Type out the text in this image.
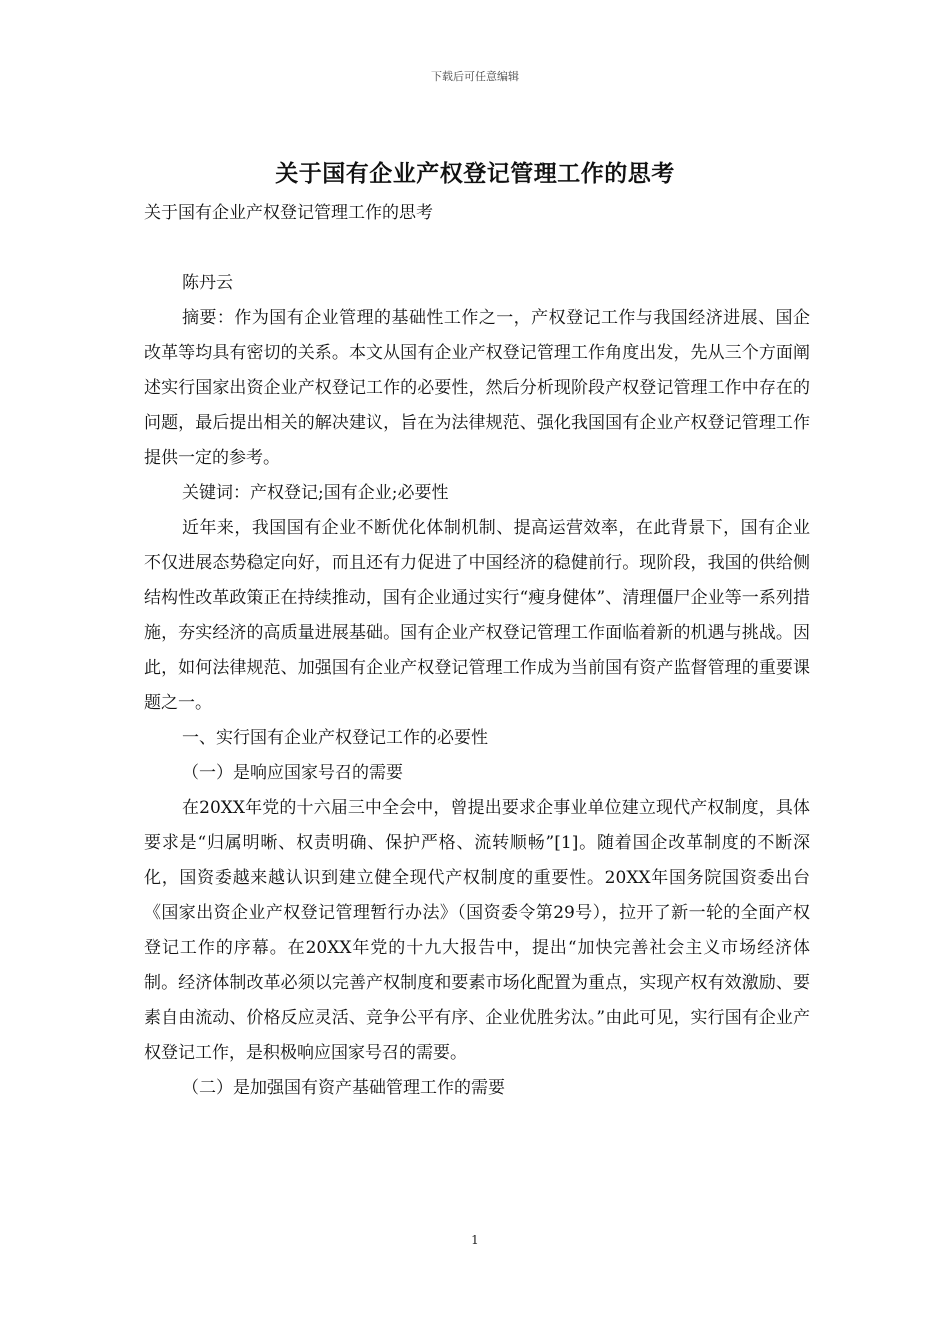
下载后可任意编辑
关于国有企业产权登记管理工作的思考

关于国有企业产权登记管理工作的思考

陈丹云

摘要：作为国有企业管理的基础性工作之一，产权登记工作与我国经济进展、国企改革等均具有密切的关系。本文从国有企业产权登记管理工作角度出发，先从三个方面阐述实行国家出资企业产权登记工作的必要性，然后分析现阶段产权登记管理工作中存在的问题，最后提出相关的解决建议，旨在为法律规范、强化我国国有企业产权登记管理工作提供一定的参考。

关键词：产权登记;国有企业;必要性

近年来，我国国有企业不断优化体制机制、提高运营效率，在此背景下，国有企业不仅进展态势稳定向好，而且还有力促进了中国经济的稳健前行。现阶段，我国的供给侧结构性改革政策正在持续推动，国有企业通过实行“瘦身健体”、清理僵尸企业等一系列措施，夯实经济的高质量进展基础。国有企业产权登记管理工作面临着新的机遇与挑战。因此，如何法律规范、加强国有企业产权登记管理工作成为当前国有资产监督管理的重要课题之一。

一、实行国有企业产权登记工作的必要性

（一）是响应国家号召的需要

在20XX年党的十六届三中全会中，曾提出要求企事业单位建立现代产权制度，具体要求是“归属明晰、权责明确、保护严格、流转顺畅”[1]。随着国企改革制度的不断深化，国资委越来越认识到建立健全现代产权制度的重要性。20XX年国务院国资委出台《国家出资企业产权登记管理暂行办法》（国资委令第29号），拉开了新一轮的全面产权登记工作的序幕。在20XX年党的十九大报告中，提出“加快完善社会主义市场经济体制。经济体制改革必须以完善产权制度和要素市场化配置为重点，实现产权有效激励、要素自由流动、价格反应灵活、竞争公平有序、企业优胜劣汰。”由此可见，实行国有企业产权登记工作，是积极响应国家号召的需要。

（二）是加强国有资产基础管理工作的需要

1
